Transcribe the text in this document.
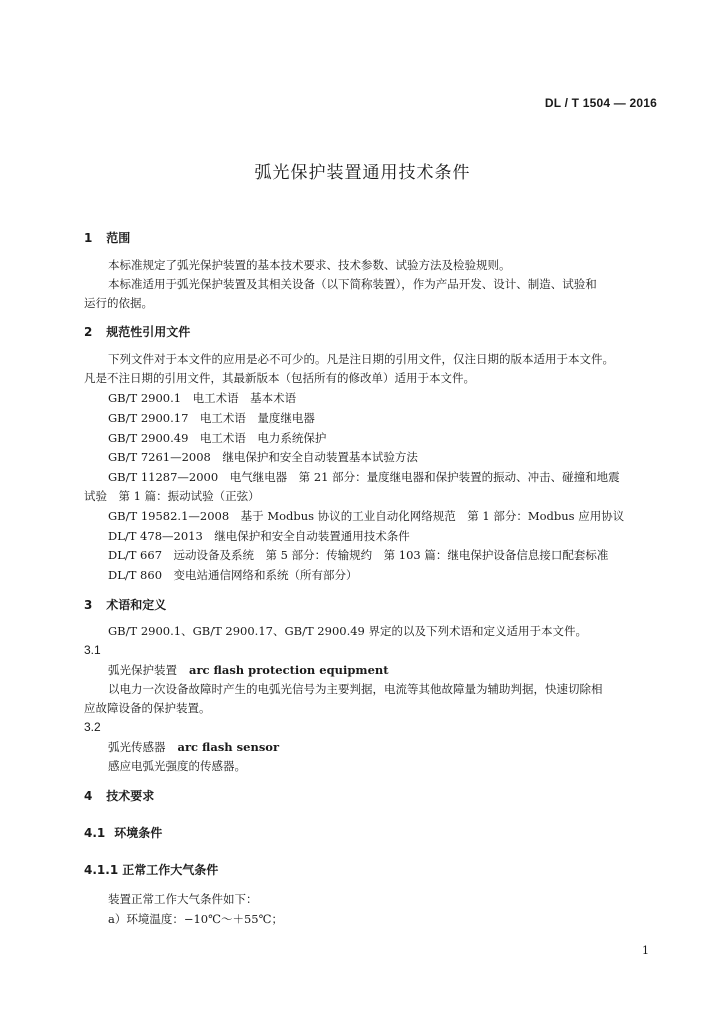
DL / T 1504 — 2016
弧光保护装置通用技术条件
1 范围
本标准规定了弧光保护装置的基本技术要求、技术参数、试验方法及检验规则。
本标准适用于弧光保护装置及其相关设备（以下简称装置），作为产品开发、设计、制造、试验和
运行的依据。
2 规范性引用文件
下列文件对于本文件的应用是必不可少的。凡是注日期的引用文件，仅注日期的版本适用于本文件。
凡是不注日期的引用文件，其最新版本（包括所有的修改单）适用于本文件。
GB/T 2900.1　电工术语　基本术语
GB/T 2900.17　电工术语　量度继电器
GB/T 2900.49　电工术语　电力系统保护
GB/T 7261—2008　继电保护和安全自动装置基本试验方法
GB/T 11287—2000　电气继电器　第 21 部分：量度继电器和保护装置的振动、冲击、碰撞和地震
试验　第 1 篇：振动试验（正弦）
GB/T 19582.1—2008　基于 Modbus 协议的工业自动化网络规范　第 1 部分：Modbus 应用协议
DL/T 478—2013　继电保护和安全自动装置通用技术条件
DL/T 667　远动设备及系统　第 5 部分：传输规约　第 103 篇：继电保护设备信息接口配套标准
DL/T 860　变电站通信网络和系统（所有部分）
3 术语和定义
GB/T 2900.1、GB/T 2900.17、GB/T 2900.49 界定的以及下列术语和定义适用于本文件。
3.1
弧光保护装置 arc flash protection equipment
以电力一次设备故障时产生的电弧光信号为主要判据，电流等其他故障量为辅助判据，快速切除相
应故障设备的保护装置。
3.2
弧光传感器 arc flash sensor
感应电弧光强度的传感器。
4 技术要求
4.1 环境条件
4.1.1 正常工作大气条件
装置正常工作大气条件如下：
a）环境温度：−10℃～＋55℃；
1
